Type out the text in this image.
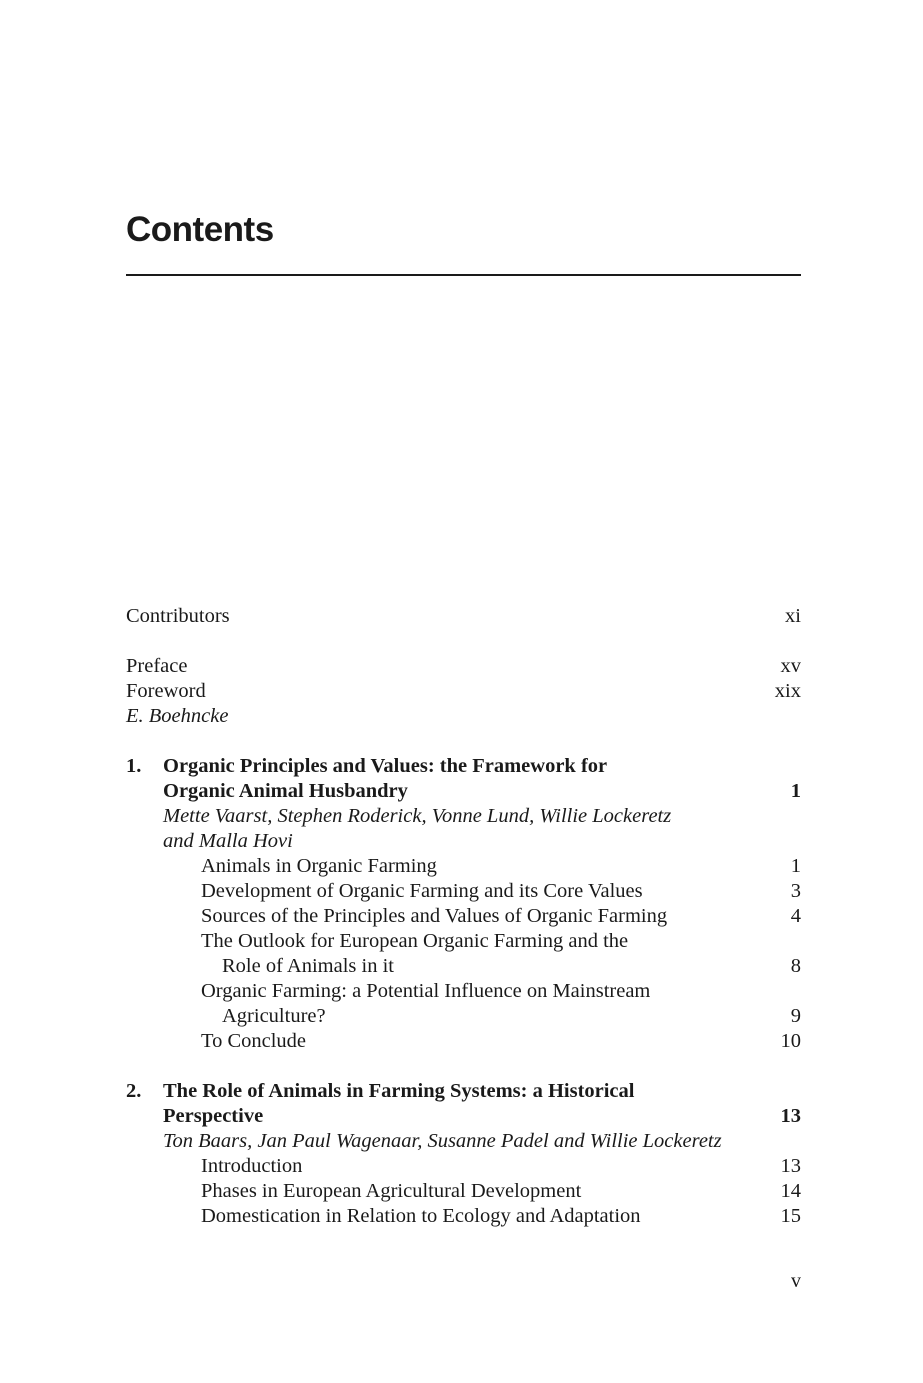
Contents
Contributors	xi
Preface	xv
Foreword	xix
E. Boehncke
1. Organic Principles and Values: the Framework for
Organic Animal Husbandry	1
Mette Vaarst, Stephen Roderick, Vonne Lund, Willie Lockeretz
and Malla Hovi
Animals in Organic Farming	1
Development of Organic Farming and its Core Values	3
Sources of the Principles and Values of Organic Farming	4
The Outlook for European Organic Farming and the
Role of Animals in it	8
Organic Farming: a Potential Influence on Mainstream
Agriculture?	9
To Conclude	10
2. The Role of Animals in Farming Systems: a Historical
Perspective	13
Ton Baars, Jan Paul Wagenaar, Susanne Padel and Willie Lockeretz
Introduction	13
Phases in European Agricultural Development	14
Domestication in Relation to Ecology and Adaptation	15
v
